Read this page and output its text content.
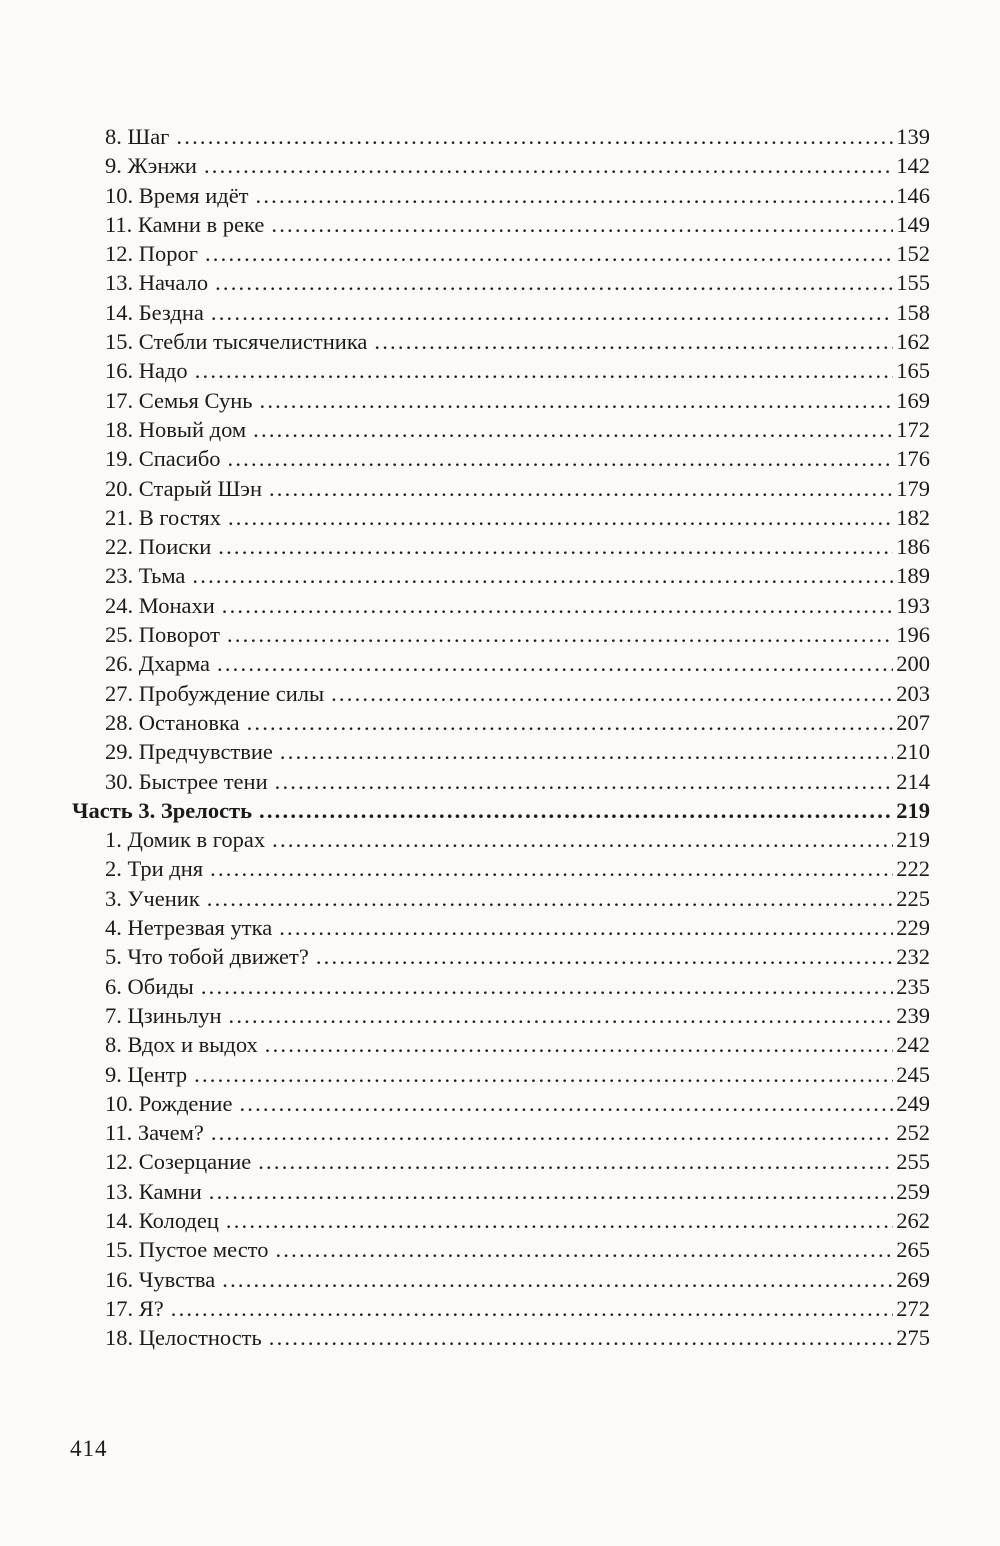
8. Шаг .....	139
9. Жэнжи .....	142
10. Время идёт .....	146
11. Камни в реке .....	149
12. Порог .....	152
13. Начало .....	155
14. Бездна .....	158
15. Стебли тысячелистника .....	162
16. Надо .....	165
17. Семья Сунь .....	169
18. Новый дом .....	172
19. Спасибо .....	176
20. Старый Шэн .....	179
21. В гостях .....	182
22. Поиски .....	186
23. Тьма .....	189
24. Монахи .....	193
25. Поворот .....	196
26. Дхарма .....	200
27. Пробуждение силы .....	203
28. Остановка .....	207
29. Предчувствие .....	210
30. Быстрее тени .....	214
Часть 3. Зрелость .....	219
1. Домик в горах .....	219
2. Три дня .....	222
3. Ученик .....	225
4. Нетрезвая утка .....	229
5. Что тобой движет? .....	232
6. Обиды .....	235
7. Цзиньлун .....	239
8. Вдох и выдох .....	242
9. Центр .....	245
10. Рождение .....	249
11. Зачем? .....	252
12. Созерцание .....	255
13. Камни .....	259
14. Колодец .....	262
15. Пустое место .....	265
16. Чувства .....	269
17. Я? .....	272
18. Целостность .....	275
414
